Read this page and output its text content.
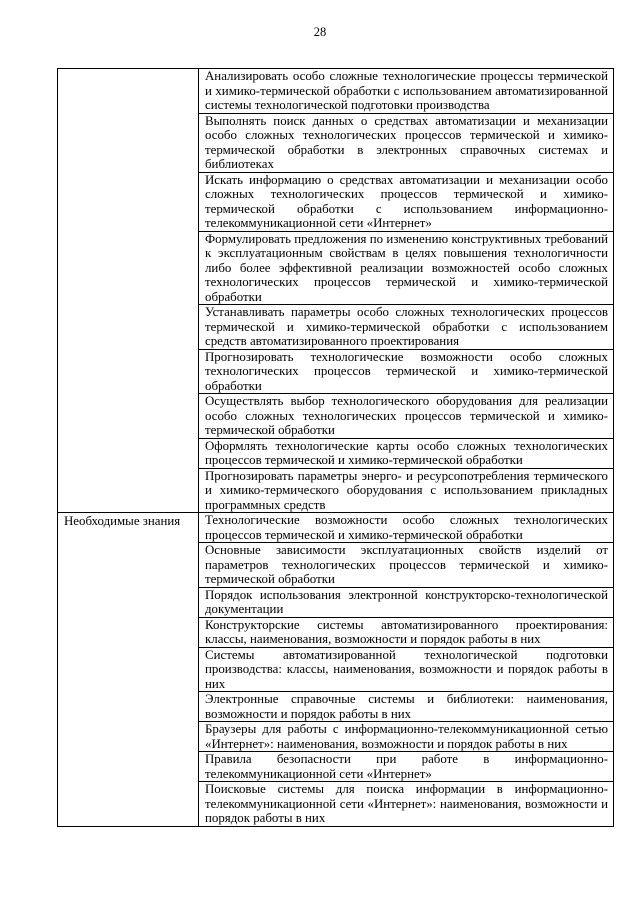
28
	Анализировать особо сложные технологические процессы термической и химико-термической обработки с использованием автоматизированной системы технологической подготовки производства
	Выполнять поиск данных о средствах автоматизации и механизации особо сложных технологических процессов термической и химико-термической обработки в электронных справочных системах и библиотеках
	Искать информацию о средствах автоматизации и механизации особо сложных технологических процессов термической и химико-термической обработки с использованием информационно-телекоммуникационной сети «Интернет»
	Формулировать предложения по изменению конструктивных требований к эксплуатационным свойствам в целях повышения технологичности либо более эффективной реализации возможностей особо сложных технологических процессов термической и химико-термической обработки
	Устанавливать параметры особо сложных технологических процессов термической и химико-термической обработки с использованием средств автоматизированного проектирования
	Прогнозировать технологические возможности особо сложных технологических процессов термической и химико-термической обработки
	Осуществлять выбор технологического оборудования для реализации особо сложных технологических процессов термической и химико-термической обработки
	Оформлять технологические карты особо сложных технологических процессов термической и химико-термической обработки
	Прогнозировать параметры энерго- и ресурсопотребления термического и химико-термического оборудования с использованием прикладных программных средств
Необходимые знания	Технологические возможности особо сложных технологических процессов термической и химико-термической обработки
	Основные зависимости эксплуатационных свойств изделий от параметров технологических процессов термической и химико-термической обработки
	Порядок использования электронной конструкторско-технологической документации
	Конструкторские системы автоматизированного проектирования: классы, наименования, возможности и порядок работы в них
	Системы автоматизированной технологической подготовки производства: классы, наименования, возможности и порядок работы в них
	Электронные справочные системы и библиотеки: наименования, возможности и порядок работы в них
	Браузеры для работы с информационно-телекоммуникационной сетью «Интернет»: наименования, возможности и порядок работы в них
	Правила безопасности при работе в информационно-телекоммуникационной сети «Интернет»
	Поисковые системы для поиска информации в информационно-телекоммуникационной сети «Интернет»: наименования, возможности и порядок работы в них
